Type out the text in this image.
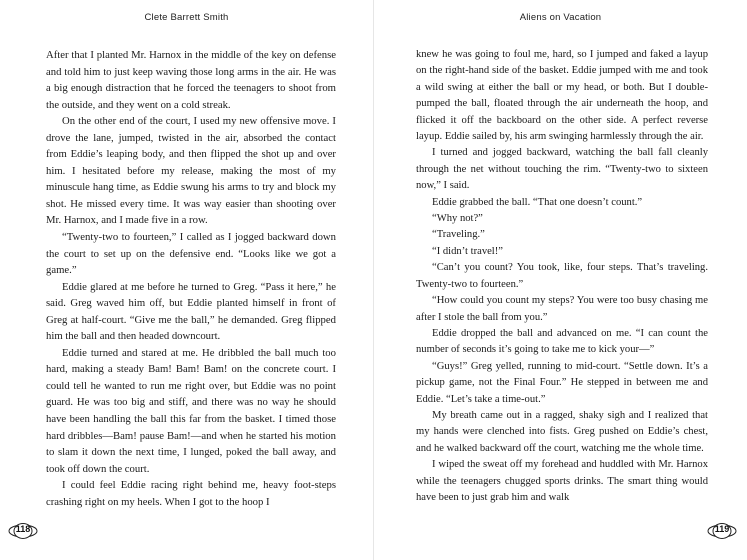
Clete Barrett Smith

After that I planted Mr. Harnox in the middle of the key on defense and told him to just keep waving those long arms in the air. He was a big enough distraction that he forced the teenagers to shoot from the outside, and they went on a cold streak.

On the other end of the court, I used my new offensive move. I drove the lane, jumped, twisted in the air, absorbed the contact from Eddie’s leaping body, and then flipped the shot up and over him. I hesitated before my release, making the most of my minuscule hang time, as Eddie swung his arms to try and block my shot. He missed every time. It was way easier than shooting over Mr. Harnox, and I made five in a row.

“Twenty-two to fourteen,” I called as I jogged backward down the court to set up on the defensive end. “Looks like we got a game.”

Eddie glared at me before he turned to Greg. “Pass it here,” he said. Greg waved him off, but Eddie planted himself in front of Greg at half-court. “Give me the ball,” he demanded. Greg flipped him the ball and then headed downcourt.

Eddie turned and stared at me. He dribbled the ball much too hard, making a steady Bam! Bam! Bam! on the concrete court. I could tell he wanted to run me right over, but Eddie was no point guard. He was too big and stiff, and there was no way he should have been handling the ball this far from the basket. I timed those hard dribbles—Bam! pause Bam!—and when he started his motion to slam it down the next time, I lunged, poked the ball away, and took off down the court.

I could feel Eddie racing right behind me, heavy foot-steps crashing right on my heels. When I got to the hoop I

118
Aliens on Vacation

knew he was going to foul me, hard, so I jumped and faked a layup on the right-hand side of the basket. Eddie jumped with me and took a wild swing at either the ball or my head, or both. But I double-pumped the ball, floated through the air underneath the hoop, and flicked it off the backboard on the other side. A perfect reverse layup. Eddie sailed by, his arm swinging harmlessly through the air.

I turned and jogged backward, watching the ball fall cleanly through the net without touching the rim. “Twenty-two to sixteen now,” I said.

Eddie grabbed the ball. “That one doesn’t count.”

“Why not?”

“Traveling.”

“I didn’t travel!”

“Can’t you count? You took, like, four steps. That’s traveling. Twenty-two to fourteen.”

“How could you count my steps? You were too busy chasing me after I stole the ball from you.”

Eddie dropped the ball and advanced on me. “I can count the number of seconds it’s going to take me to kick your—”

“Guys!” Greg yelled, running to mid-court. “Settle down. It’s a pickup game, not the Final Four.” He stepped in between me and Eddie. “Let’s take a time-out.”

My breath came out in a ragged, shaky sigh and I realized that my hands were clenched into fists. Greg pushed on Eddie’s chest, and he walked backward off the court, watching me the whole time.

I wiped the sweat off my forehead and huddled with Mr. Harnox while the teenagers chugged sports drinks. The smart thing would have been to just grab him and walk

119
